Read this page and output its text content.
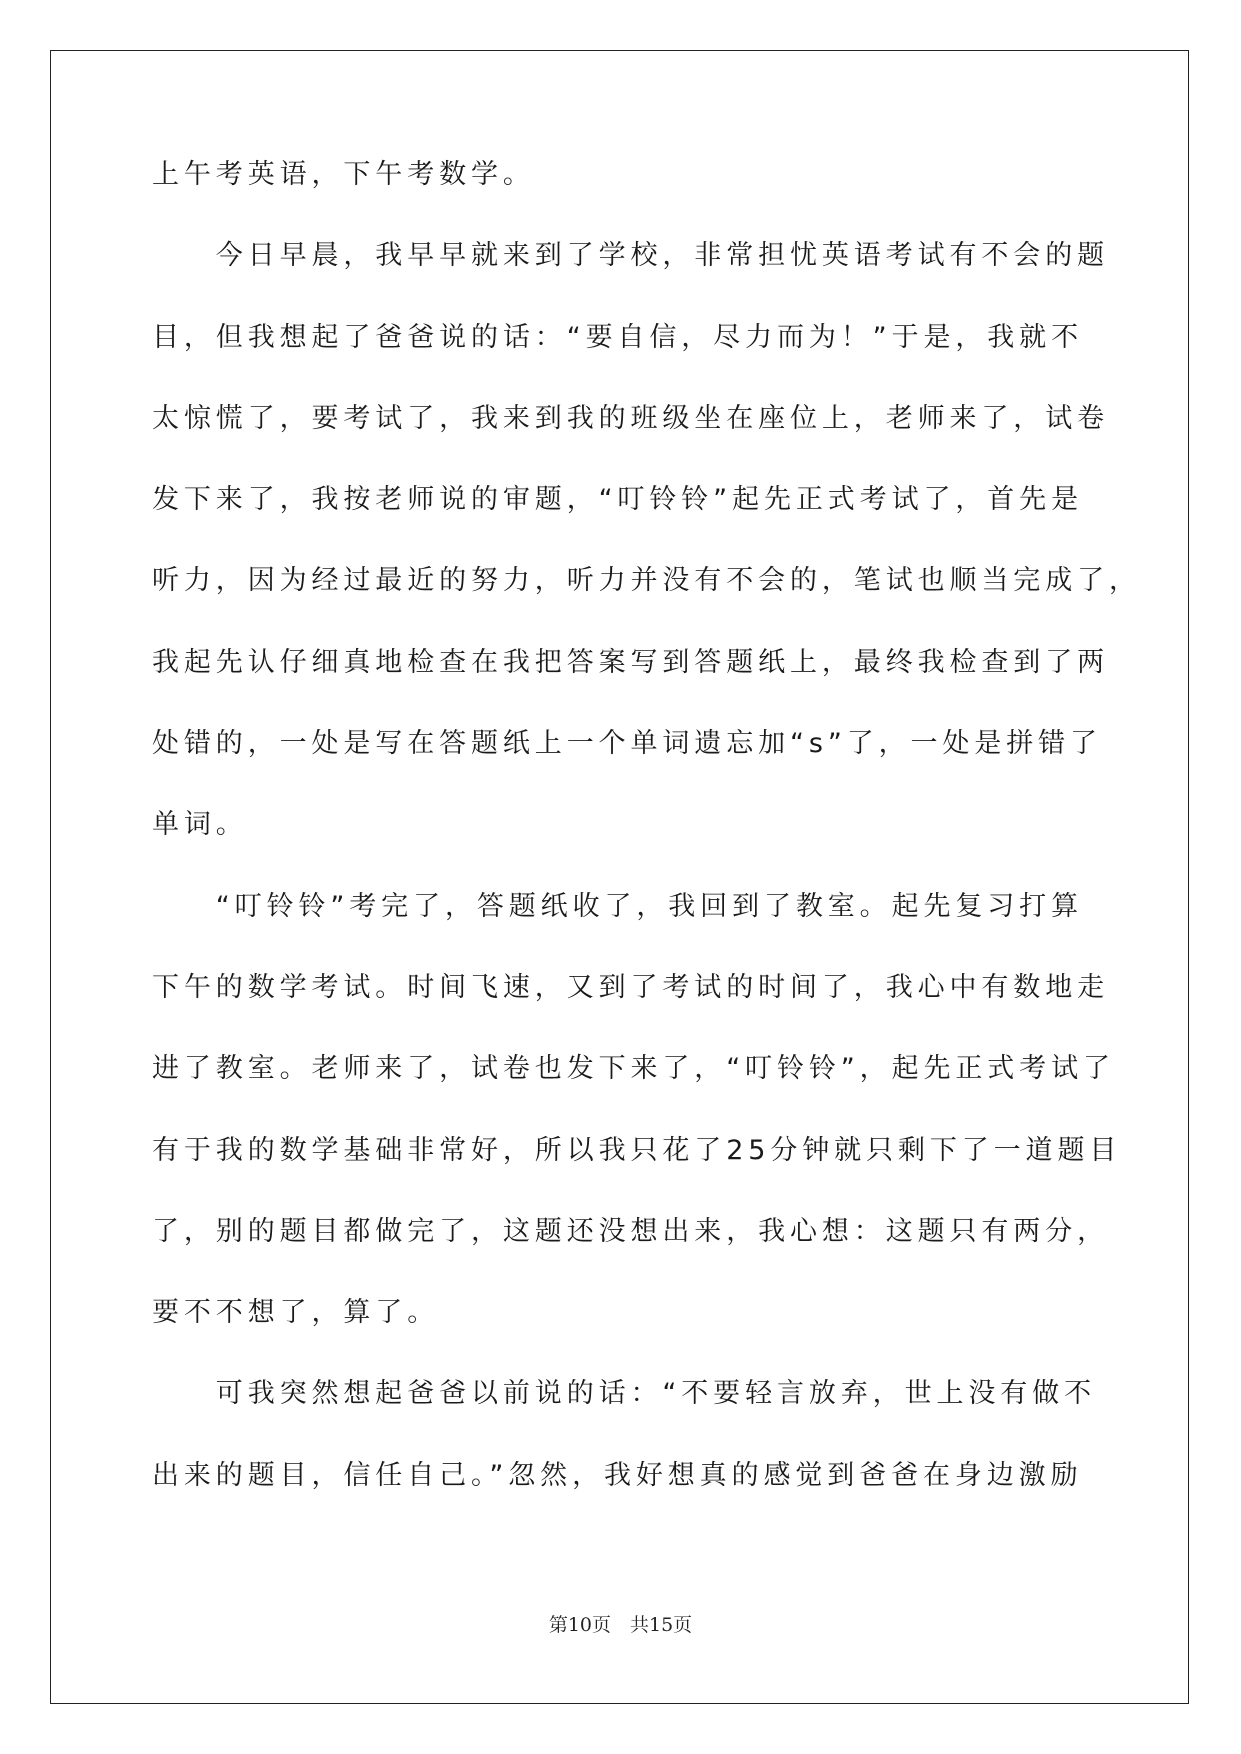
上午考英语，下午考数学。
　　今日早晨，我早早就来到了学校，非常担忧英语考试有不会的题
目，但我想起了爸爸说的话：“要自信，尽力而为！”于是，我就不
太惊慌了，要考试了，我来到我的班级坐在座位上，老师来了，试卷
发下来了，我按老师说的审题，“叮铃铃”起先正式考试了，首先是
听力，因为经过最近的努力，听力并没有不会的，笔试也顺当完成了，
我起先认仔细真地检查在我把答案写到答题纸上，最终我检查到了两
处错的，一处是写在答题纸上一个单词遗忘加“s”了，一处是拼错了
单词。
　　“叮铃铃”考完了，答题纸收了，我回到了教室。起先复习打算
下午的数学考试。时间飞速，又到了考试的时间了，我心中有数地走
进了教室。老师来了，试卷也发下来了，“叮铃铃”，起先正式考试了
有于我的数学基础非常好，所以我只花了25分钟就只剩下了一道题目
了，别的题目都做完了，这题还没想出来，我心想：这题只有两分，
要不不想了，算了。
　　可我突然想起爸爸以前说的话：“不要轻言放弃，世上没有做不
出来的题目，信任自己。”忽然，我好想真的感觉到爸爸在身边激励
第10页　共15页
